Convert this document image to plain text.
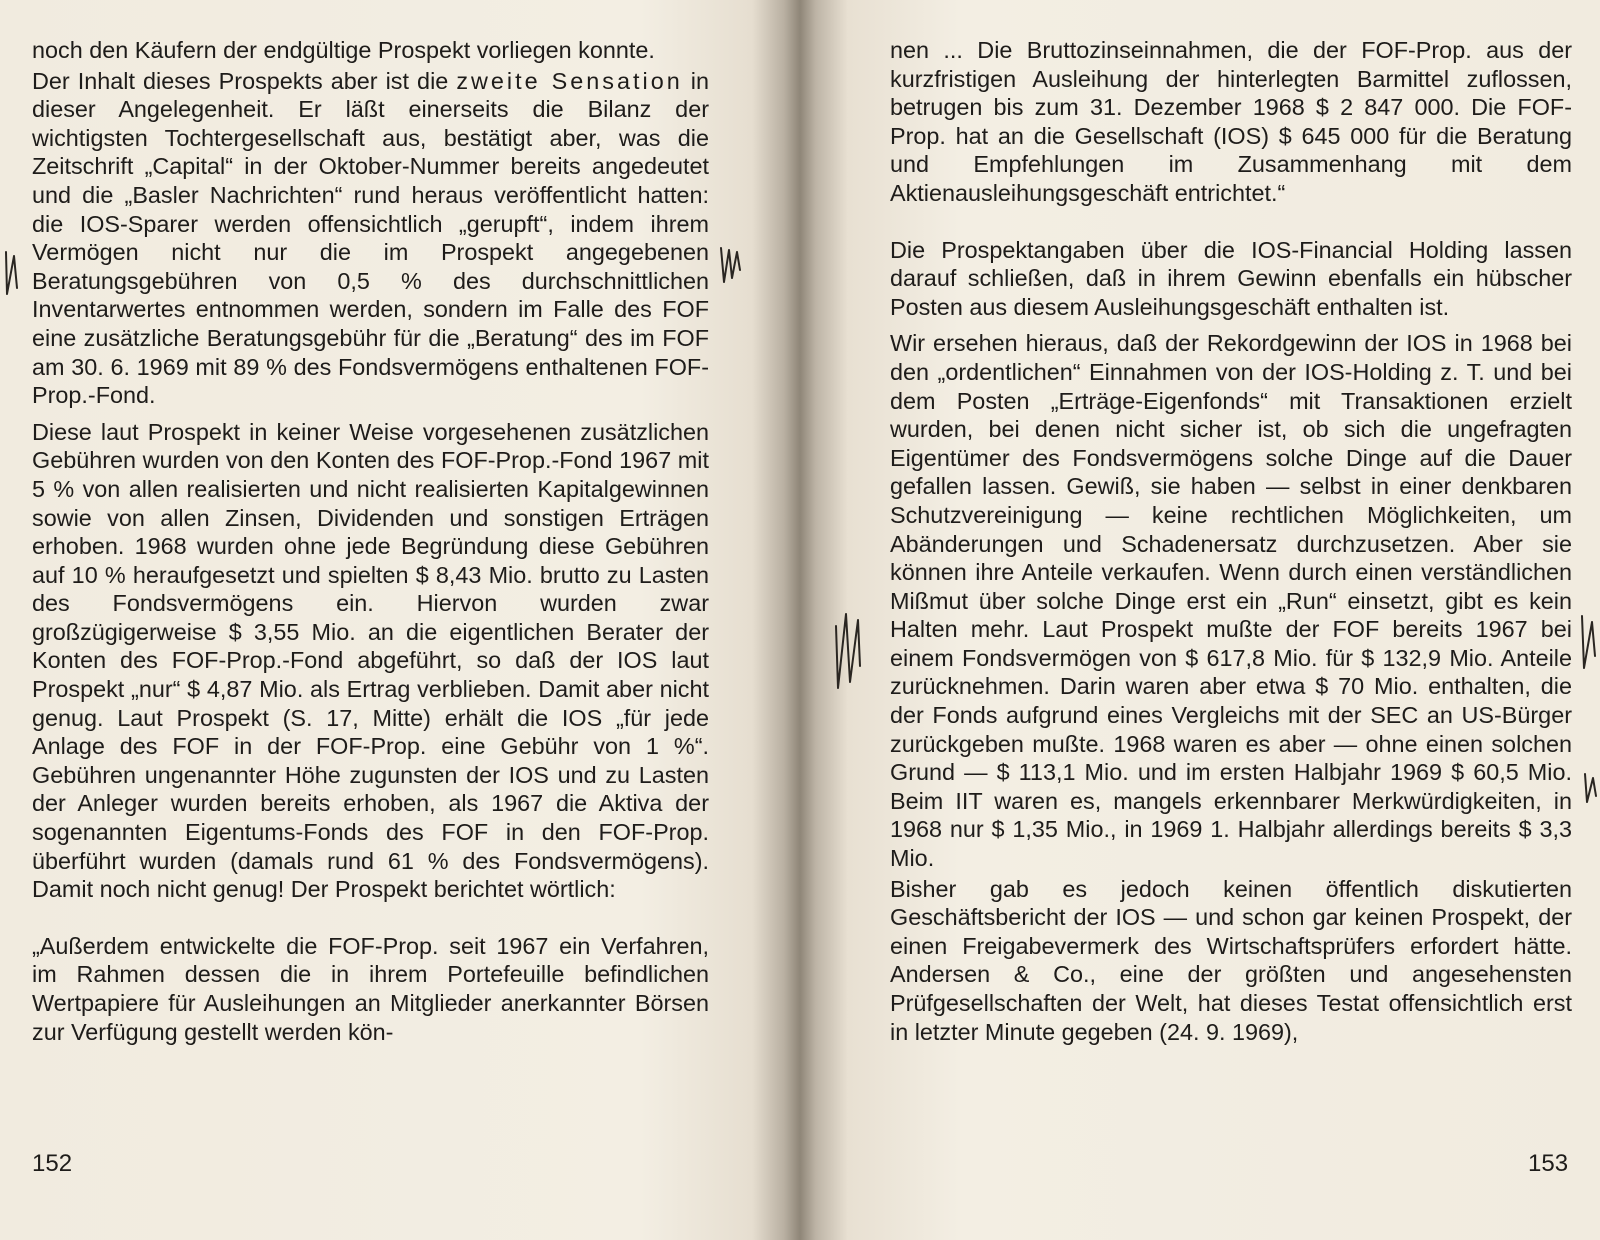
noch den Käufern der endgültige Prospekt vorliegen konnte.

Der Inhalt dieses Prospekts aber ist die zweite Sensation in dieser Angelegenheit. Er läßt einerseits die Bilanz der wichtigsten Tochtergesellschaft aus, bestätigt aber, was die Zeitschrift „Capital“ in der Oktober-Nummer bereits angedeutet und die „Basler Nachrichten“ rund heraus veröffentlicht hatten: die IOS-Sparer werden offensichtlich „gerupft“, indem ihrem Vermögen nicht nur die im Prospekt angegebenen Beratungsgebühren von 0,5 % des durchschnittlichen Inventarwertes entnommen werden, sondern im Falle des FOF eine zusätzliche Beratungsgebühr für die „Beratung“ des im FOF am 30. 6. 1969 mit 89 % des Fondsvermögens enthaltenen FOF-Prop.-Fond.

Diese laut Prospekt in keiner Weise vorgesehenen zusätzlichen Gebühren wurden von den Konten des FOF-Prop.-Fond 1967 mit 5 % von allen realisierten und nicht realisierten Kapitalgewinnen sowie von allen Zinsen, Dividenden und sonstigen Erträgen erhoben. 1968 wurden ohne jede Begründung diese Gebühren auf 10 % heraufgesetzt und spielten $ 8,43 Mio. brutto zu Lasten des Fondsvermögens ein. Hiervon wurden zwar großzügigerweise $ 3,55 Mio. an die eigentlichen Berater der Konten des FOF-Prop.-Fond abgeführt, so daß der IOS laut Prospekt „nur“ $ 4,87 Mio. als Ertrag verblieben. Damit aber nicht genug. Laut Prospekt (S. 17, Mitte) erhält die IOS „für jede Anlage des FOF in der FOF-Prop. eine Gebühr von 1 %“. Gebühren ungenannter Höhe zugunsten der IOS und zu Lasten der Anleger wurden bereits erhoben, als 1967 die Aktiva der sogenannten Eigentums-Fonds des FOF in den FOF-Prop. überführt wurden (damals rund 61 % des Fondsvermögens). Damit noch nicht genug! Der Prospekt berichtet wörtlich:

„Außerdem entwickelte die FOF-Prop. seit 1967 ein Verfahren, im Rahmen dessen die in ihrem Portefeuille befindlichen Wertpapiere für Ausleihungen an Mitglieder anerkannter Börsen zur Verfügung gestellt werden kön-

152

nen ... Die Bruttozinseinnahmen, die der FOF-Prop. aus der kurzfristigen Ausleihung der hinterlegten Barmittel zuflossen, betrugen bis zum 31. Dezember 1968 $ 2 847 000. Die FOF-Prop. hat an die Gesellschaft (IOS) $ 645 000 für die Beratung und Empfehlungen im Zusammenhang mit dem Aktienausleihungsgeschäft entrichtet.“

Die Prospektangaben über die IOS-Financial Holding lassen darauf schließen, daß in ihrem Gewinn ebenfalls ein hübscher Posten aus diesem Ausleihungsgeschäft enthalten ist.

Wir ersehen hieraus, daß der Rekordgewinn der IOS in 1968 bei den „ordentlichen“ Einnahmen von der IOS-Holding z. T. und bei dem Posten „Erträge-Eigenfonds“ mit Transaktionen erzielt wurden, bei denen nicht sicher ist, ob sich die ungefragten Eigentümer des Fondsvermögens solche Dinge auf die Dauer gefallen lassen. Gewiß, sie haben — selbst in einer denkbaren Schutzvereinigung — keine rechtlichen Möglichkeiten, um Abänderungen und Schadenersatz durchzusetzen. Aber sie können ihre Anteile verkaufen. Wenn durch einen verständlichen Mißmut über solche Dinge erst ein „Run“ einsetzt, gibt es kein Halten mehr. Laut Prospekt mußte der FOF bereits 1967 bei einem Fondsvermögen von $ 617,8 Mio. für $ 132,9 Mio. Anteile zurücknehmen. Darin waren aber etwa $ 70 Mio. enthalten, die der Fonds aufgrund eines Vergleichs mit der SEC an US-Bürger zurückgeben mußte. 1968 waren es aber — ohne einen solchen Grund — $ 113,1 Mio. und im ersten Halbjahr 1969 $ 60,5 Mio. Beim IIT waren es, mangels erkennbarer Merkwürdigkeiten, in 1968 nur $ 1,35 Mio., in 1969 1. Halbjahr allerdings bereits $ 3,3 Mio.

Bisher gab es jedoch keinen öffentlich diskutierten Geschäftsbericht der IOS — und schon gar keinen Prospekt, der einen Freigabevermerk des Wirtschaftsprüfers erfordert hätte. Andersen & Co., eine der größten und angesehensten Prüfgesellschaften der Welt, hat dieses Testat offensichtlich erst in letzter Minute gegeben (24. 9. 1969),

153
